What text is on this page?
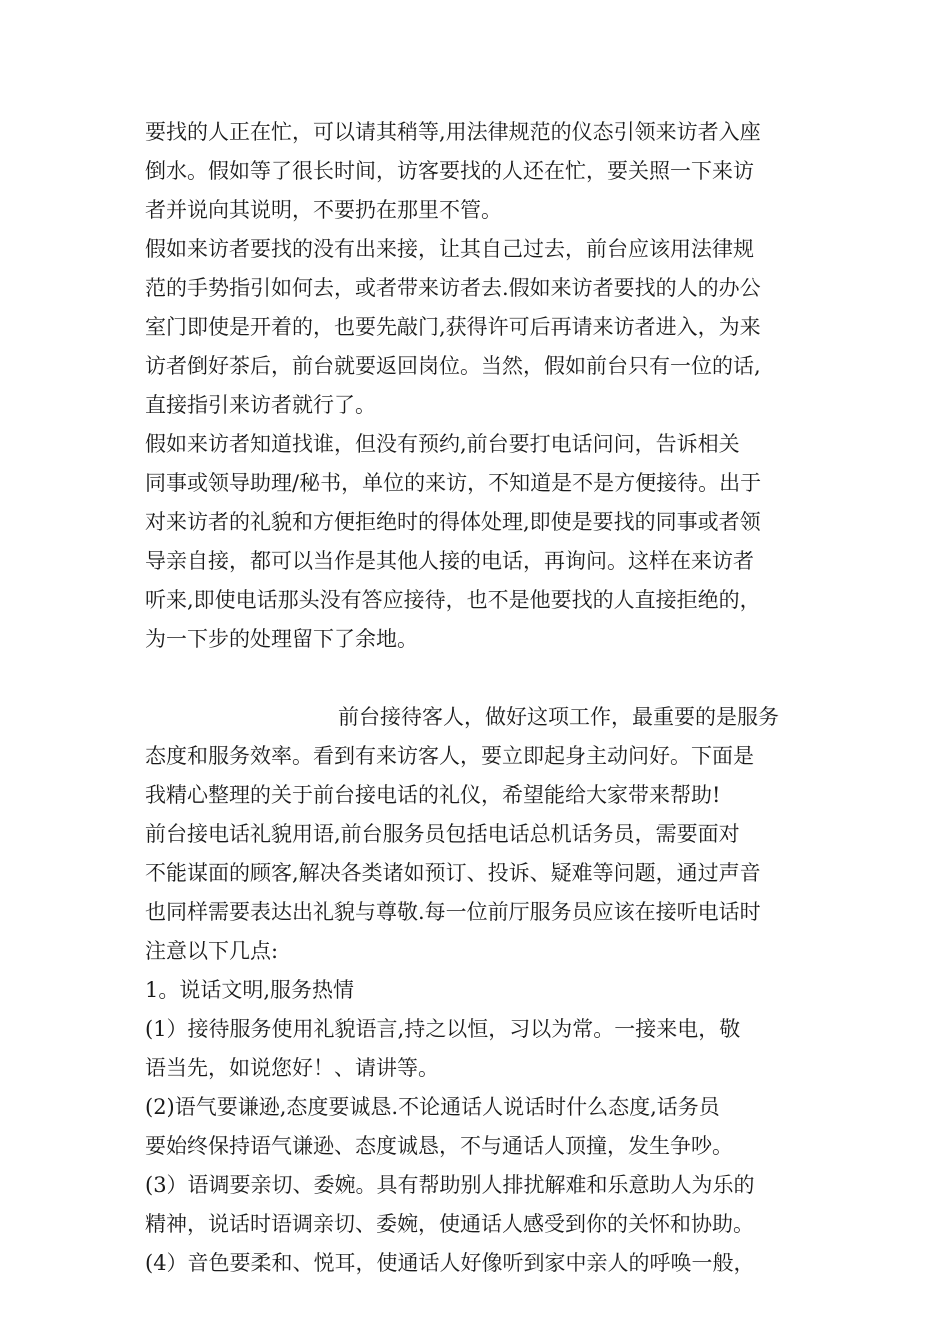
要找的人正在忙，可以请其稍等,用法律规范的仪态引领来访者入座
倒水。假如等了很长时间，访客要找的人还在忙，要关照一下来访
者并说向其说明，不要扔在那里不管。
假如来访者要找的没有出来接，让其自己过去，前台应该用法律规
范的手势指引如何去，或者带来访者去.假如来访者要找的人的办公
室门即使是开着的，也要先敲门,获得许可后再请来访者进入，为来
访者倒好茶后，前台就要返回岗位。当然，假如前台只有一位的话,
直接指引来访者就行了。
假如来访者知道找谁，但没有预约,前台要打电话问问，告诉相关
同事或领导助理/秘书，单位的来访，不知道是不是方便接待。出于
对来访者的礼貌和方便拒绝时的得体处理,即使是要找的同事或者领
导亲自接，都可以当作是其他人接的电话，再询问。这样在来访者
听来,即使电话那头没有答应接待，也不是他要找的人直接拒绝的，
为一下步的处理留下了余地。
前台接待客人，做好这项工作，最重要的是服务
态度和服务效率。看到有来访客人，要立即起身主动问好。下面是
我精心整理的关于前台接电话的礼仪，希望能给大家带来帮助!
前台接电话礼貌用语,前台服务员包括电话总机话务员，需要面对
不能谋面的顾客,解决各类诸如预订、投诉、疑难等问题，通过声音
也同样需要表达出礼貌与尊敬.每一位前厅服务员应该在接听电话时
注意以下几点:
1。说话文明,服务热情
(1）接待服务使用礼貌语言,持之以恒，习以为常。一接来电，敬
语当先，如说您好！、请讲等。
(2)语气要谦逊,态度要诚恳.不论通话人说话时什么态度,话务员
要始终保持语气谦逊、态度诚恳，不与通话人顶撞，发生争吵。
(3）语调要亲切、委婉。具有帮助别人排扰解难和乐意助人为乐的
精神，说话时语调亲切、委婉，使通话人感受到你的关怀和协助。
(4）音色要柔和、悦耳，使通话人好像听到家中亲人的呼唤一般，
